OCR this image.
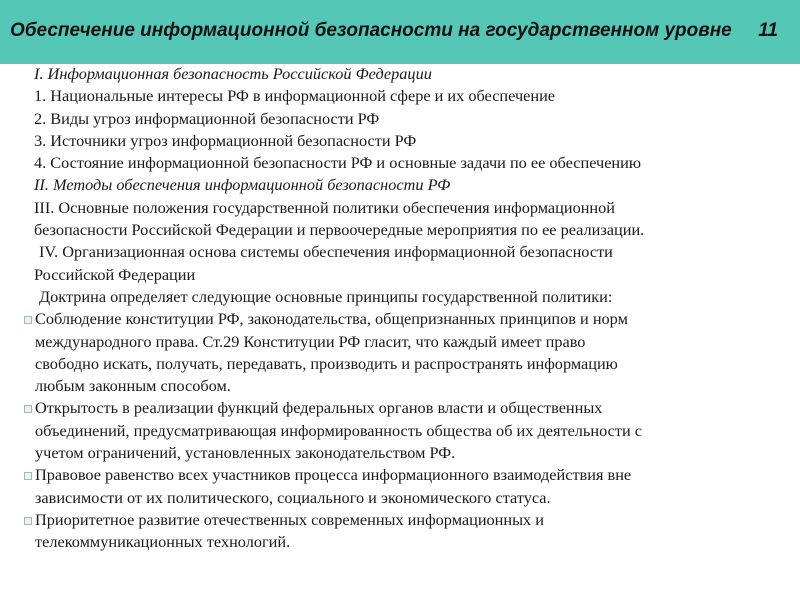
Обеспечение информационной безопасности на государственном уровне 11
I. Информационная безопасность Российской Федерации
1. Национальные интересы РФ в информационной сфере и их обеспечение
2. Виды угроз информационной безопасности РФ
3. Источники угроз информационной безопасности РФ
4. Состояние информационной безопасности РФ и основные задачи по ее обеспечению
II. Методы обеспечения информационной безопасности РФ
III. Основные положения государственной политики обеспечения информационной
безопасности Российской Федерации и первоочередные мероприятия по ее реализации.
IV. Организационная основа системы обеспечения информационной безопасности
Российской Федерации
Доктрина определяет следующие основные принципы государственной политики:
Соблюдение конституции РФ, законодательства, общепризнанных принципов и норм
международного права. Ст.29 Конституции РФ гласит, что каждый имеет право
свободно искать, получать, передавать, производить и распространять информацию
любым законным способом.
Открытость в реализации функций федеральных органов власти и общественных
объединений, предусматривающая информированность общества об их деятельности с
учетом ограничений, установленных законодательством РФ.
Правовое равенство всех участников процесса информационного взаимодействия вне
зависимости от их политического, социального и экономического статуса.
Приоритетное развитие отечественных современных информационных и
телекоммуникационных технологий.
